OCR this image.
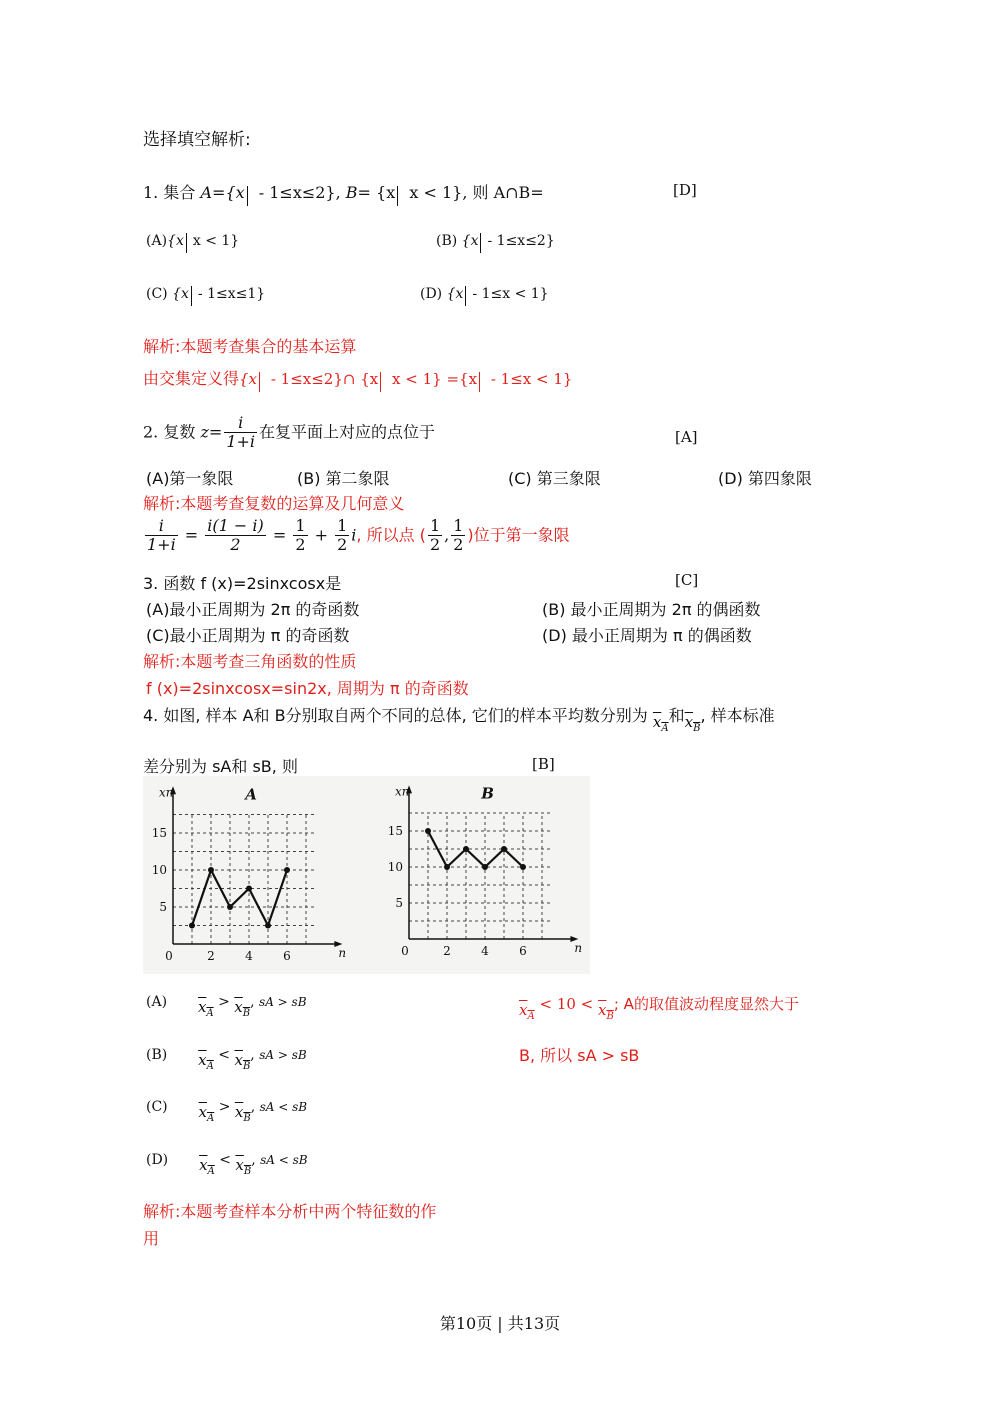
选择填空解析:
1. 集合 A={x - 1≤x≤2}, B= {x x < 1}, 则 A∩B=	[D]
(A){x x < 1}	(B) {x - 1≤x≤2}
(C) {x - 1≤x≤1}	(D) {x - 1≤x < 1}
解析:本题考查集合的基本运算
由交集定义得{x - 1≤x≤2}∩ {x x < 1} ={x - 1≤x < 1}
2. 复数 $z= \frac{i}{1+i}$ 在复平面上对应的点位于	[A]
(A)第一象限	(B) 第二象限	(C) 第三象限	(D) 第四象限
解析:本题考查复数的运算及几何意义
$\frac{i}{1+i} = \frac{i(1 - i)}{2} = \frac{1}{2} + \frac{1}{2} i$, 所以点 ( $\frac{1}{2}$ , $\frac{1}{2}$ )位于第一象限
3. 函数 f (x)=2sinxcosx是	[C]
(A)最小正周期为 2π 的奇函数	(B) 最小正周期为 2π 的偶函数
(C)最小正周期为 π 的奇函数	(D) 最小正周期为 π 的偶函数
解析:本题考查三角函数的性质
f (x)=2sinxcosx=sin2x, 周期为 π 的奇函数
4. 如图, 样本 A和 B分别取自两个不同的总体, 它们的样本平均数分别为 $x_A$和$x_B$, 样本标准
差分别为 sA和 sB, 则	[B]
15
10
5
0	2	4	6
xn
n
A
15
10
5
0	2	4	6
xn
n
B
(A) $x_A > x_B$, sA > sB
(B) $x_A < x_B$, sA > sB
(C) $x_A > x_B$, sA < sB
(D) $x_A < x_B$, sA < sB
$x_A < 10 < x_B$; A的取值波动程度显然大于
B, 所以 sA > sB
解析:本题考查样本分析中两个特征数的作
用
第10页 | 共13页
